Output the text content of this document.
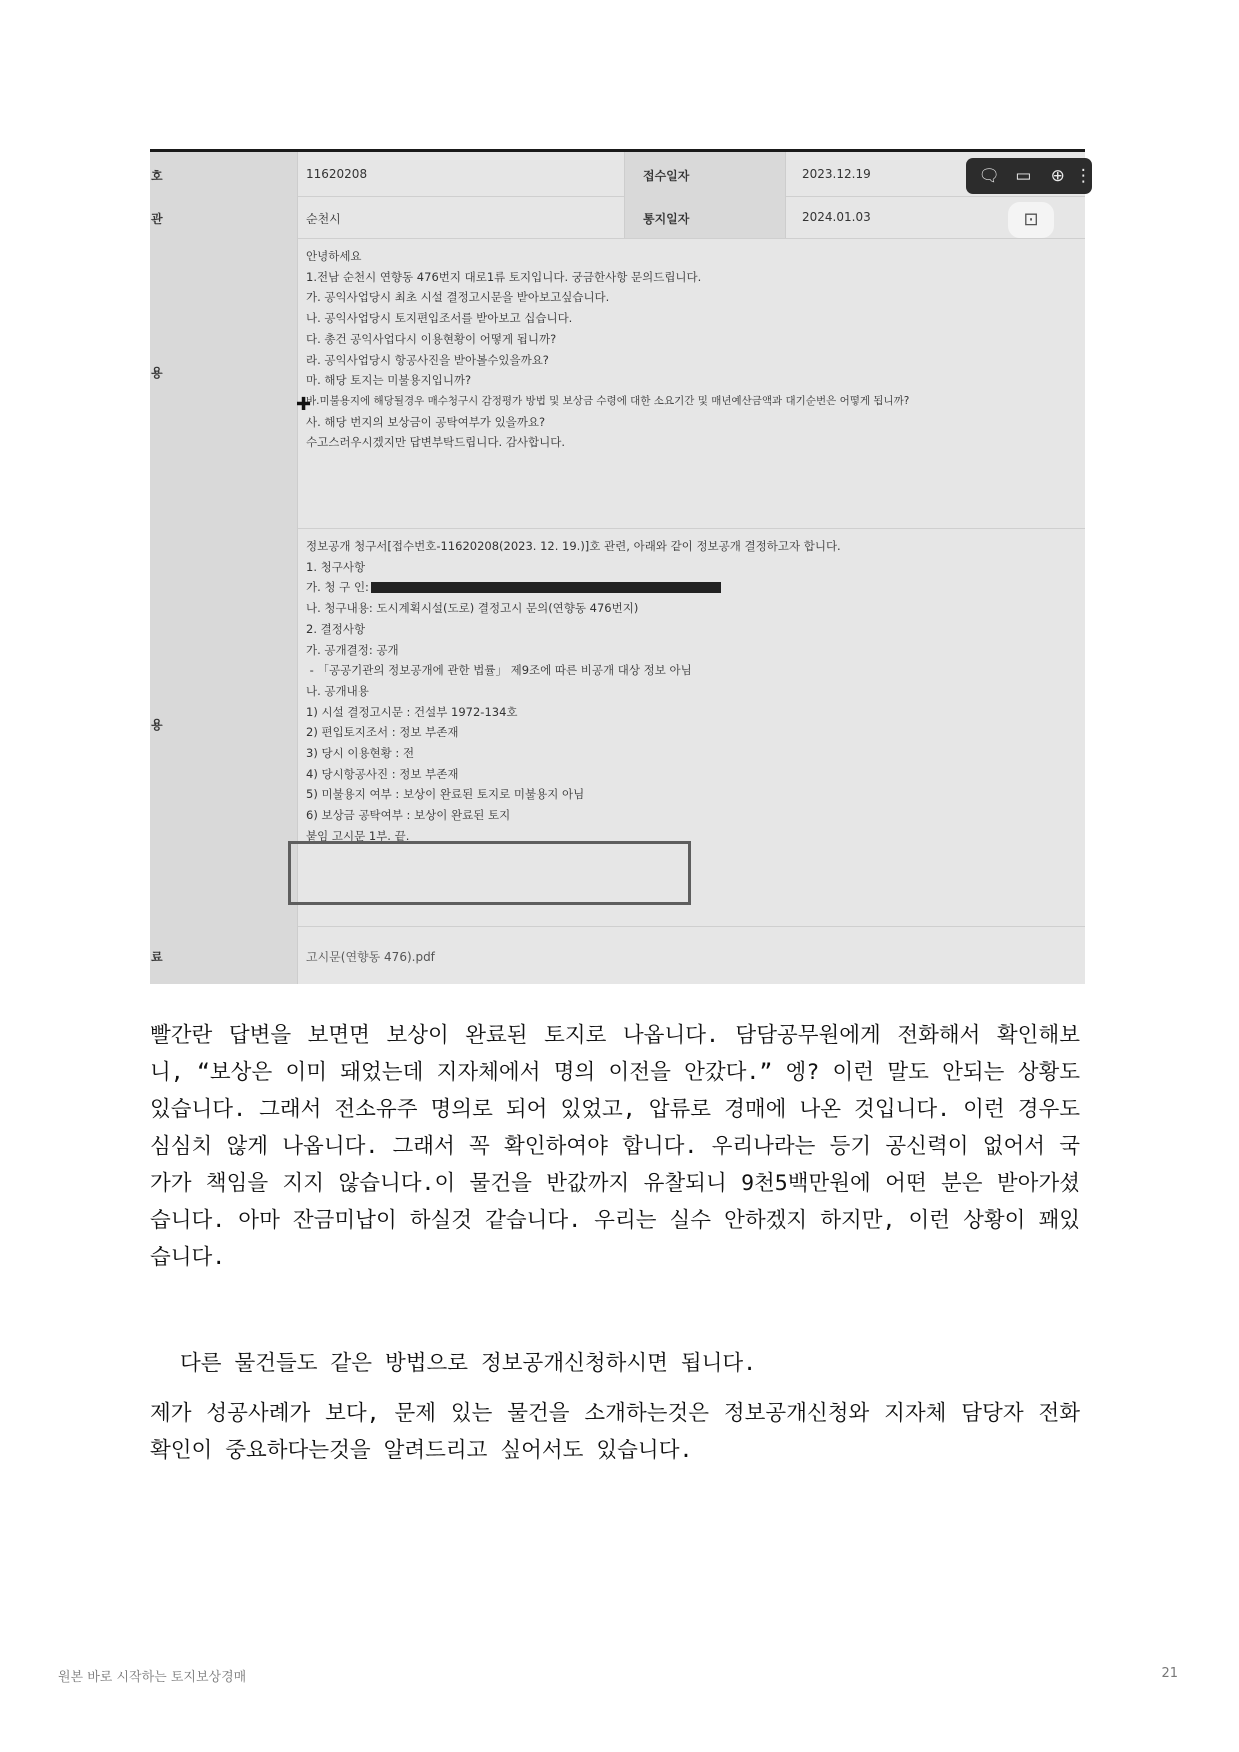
호	11620208	접수일자	2023.12.19
관	순천시	통지일자	2024.01.03
용
안녕하세요
1.전남 순천시 연향동 476번지 대로1류 토지입니다. 궁금한사항 문의드립니다.
가. 공익사업당시 최초 시설 결정고시문을 받아보고싶습니다.
나. 공익사업당시 토지편입조서를 받아보고 십습니다.
다. 총건 공익사업다시 이용현황이 어떻게 됩니까?
라. 공익사업당시 항공사진을 받아볼수있을까요?
마. 해당 토지는 미불용지입니까?
바.미불용지에 해당될경우 매수청구시 감정평가 방법 및 보상금 수령에 대한 소요기간 및 매년예산금액과 대기순번은 어떻게 됩니까?
사. 해당 번지의 보상금이 공탁여부가 있을까요?
수고스러우시겠지만 답변부탁드립니다. 감사합니다.
용
정보공개 청구서[접수번호-11620208(2023. 12. 19.)]호 관련, 아래와 같이 정보공개 결정하고자 합니다.
1. 청구사항
가. 청 구 인:
나. 청구내용: 도시계획시설(도로) 결정고시 문의(연향동 476번지)
2. 결정사항
가. 공개결정: 공개
- 「공공기관의 정보공개에 관한 법률」 제9조에 따른 비공개 대상 정보 아님
나. 공개내용
1) 시설 결정고시문 : 건설부 1972-134호
2) 편입토지조서 : 정보 부존재
3) 당시 이용현황 : 전
4) 당시항공사진 : 정보 부존재
5) 미불용지 여부 : 보상이 완료된 토지로 미불용지 아님
6) 보상금 공탁여부 : 보상이 완료된 토지
붙임 고시문 1부. 끝.
료	고시문(연향동 476).pdf
✚
🗨 ▭	⊕ ⋮
⊡

빨간란 답변을 보면면 보상이 완료된 토지로 나옵니다. 담담공무원에게 전화해서 확인해보니, “보상은 이미 돼었는데 지자체에서 명의 이전을 안갔다.” 엥? 이런 말도 안되는 상황도 있습니다. 그래서 전소유주 명의로 되어 있었고, 압류로 경매에 나온 것입니다. 이런 경우도 심심치 않게 나옵니다. 그래서 꼭 확인하여야 합니다. 우리나라는 등기 공신력이 없어서 국가가 책임을 지지 않습니다.이 물건을 반값까지 유찰되니 9천5백만원에 어떤 분은 받아가셨습니다. 아마 잔금미납이 하실것 같습니다. 우리는 실수 안하겠지 하지만, 이런 상황이 꽤있습니다.

다른 물건들도 같은 방법으로 정보공개신청하시면 됩니다.

제가 성공사례가 보다, 문제 있는 물건을 소개하는것은 정보공개신청와 지자체 담당자 전화 확인이 중요하다는것을 알려드리고 싶어서도 있습니다.

원본 바로 시작하는 토지보상경매	21
